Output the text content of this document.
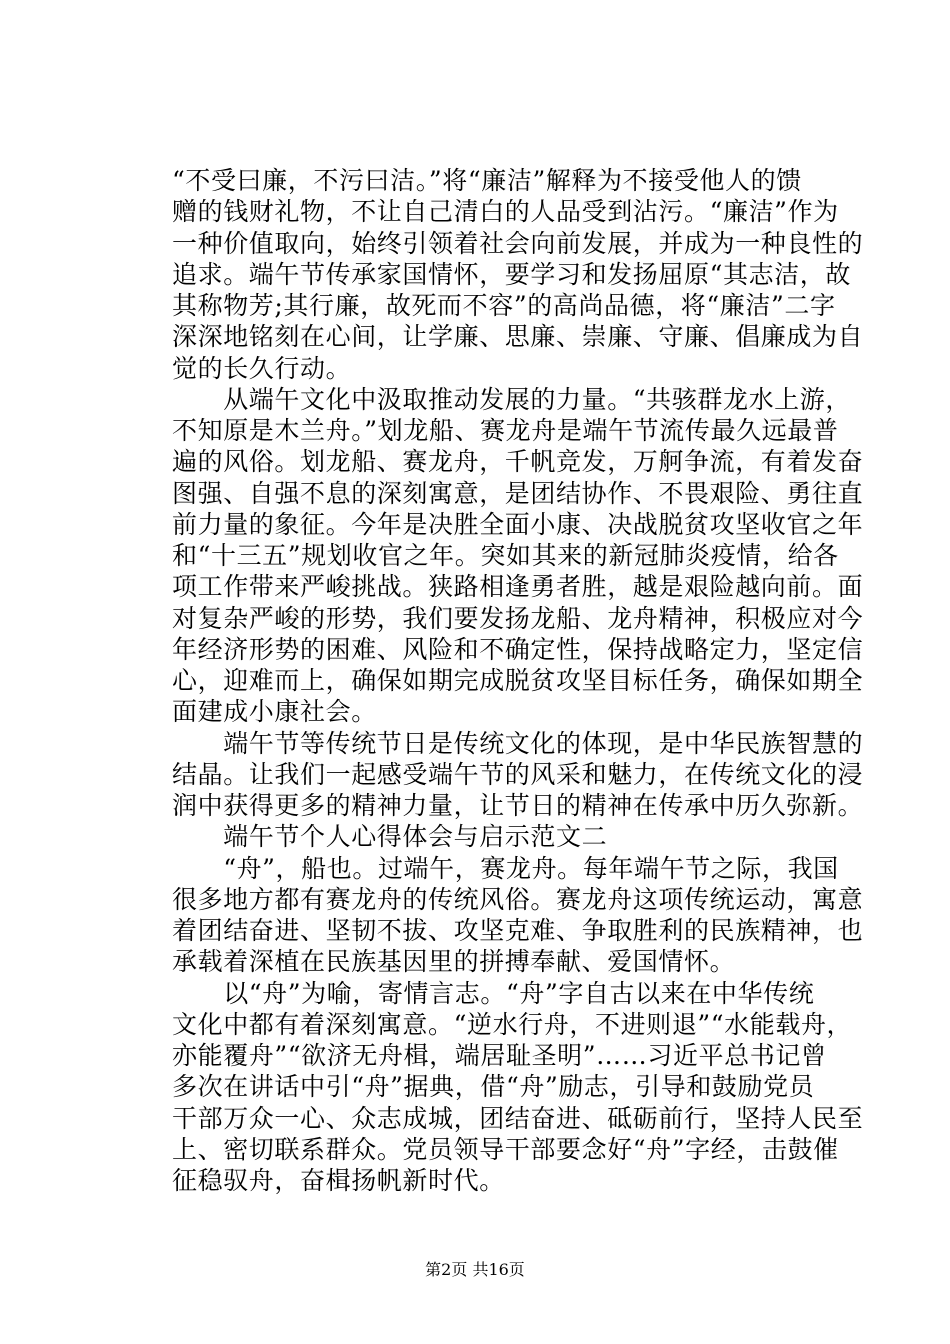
“不受曰廉，不污曰洁。”将“廉洁”解释为不接受他人的馈
赠的钱财礼物，不让自己清白的人品受到沾污。“廉洁”作为
一种价值取向，始终引领着社会向前发展，并成为一种良性的
追求。端午节传承家国情怀，要学习和发扬屈原“其志洁，故
其称物芳;其行廉，故死而不容”的高尚品德，将“廉洁”二字
深深地铭刻在心间，让学廉、思廉、崇廉、守廉、倡廉成为自
觉的长久行动。
　　从端午文化中汲取推动发展的力量。“共骇群龙水上游，
不知原是木兰舟。”划龙船、赛龙舟是端午节流传最久远最普
遍的风俗。划龙船、赛龙舟，千帆竞发，万舸争流，有着发奋
图强、自强不息的深刻寓意，是团结协作、不畏艰险、勇往直
前力量的象征。今年是决胜全面小康、决战脱贫攻坚收官之年
和“十三五”规划收官之年。突如其来的新冠肺炎疫情，给各
项工作带来严峻挑战。狭路相逢勇者胜，越是艰险越向前。面
对复杂严峻的形势，我们要发扬龙船、龙舟精神，积极应对今
年经济形势的困难、风险和不确定性，保持战略定力，坚定信
心，迎难而上，确保如期完成脱贫攻坚目标任务，确保如期全
面建成小康社会。
　　端午节等传统节日是传统文化的体现，是中华民族智慧的
结晶。让我们一起感受端午节的风采和魅力，在传统文化的浸
润中获得更多的精神力量，让节日的精神在传承中历久弥新。
　　端午节个人心得体会与启示范文二
　　“舟”，船也。过端午，赛龙舟。每年端午节之际，我国
很多地方都有赛龙舟的传统风俗。赛龙舟这项传统运动，寓意
着团结奋进、坚韧不拔、攻坚克难、争取胜利的民族精神，也
承载着深植在民族基因里的拼搏奉献、爱国情怀。
　　以“舟”为喻，寄情言志。“舟”字自古以来在中华传统
文化中都有着深刻寓意。“逆水行舟，不进则退”“水能载舟，
亦能覆舟”“欲济无舟楫，端居耻圣明”……习近平总书记曾
多次在讲话中引“舟”据典，借“舟”励志，引导和鼓励党员
干部万众一心、众志成城，团结奋进、砥砺前行，坚持人民至
上、密切联系群众。党员领导干部要念好“舟”字经，击鼓催
征稳驭舟，奋楫扬帆新时代。
第2页 共16页
